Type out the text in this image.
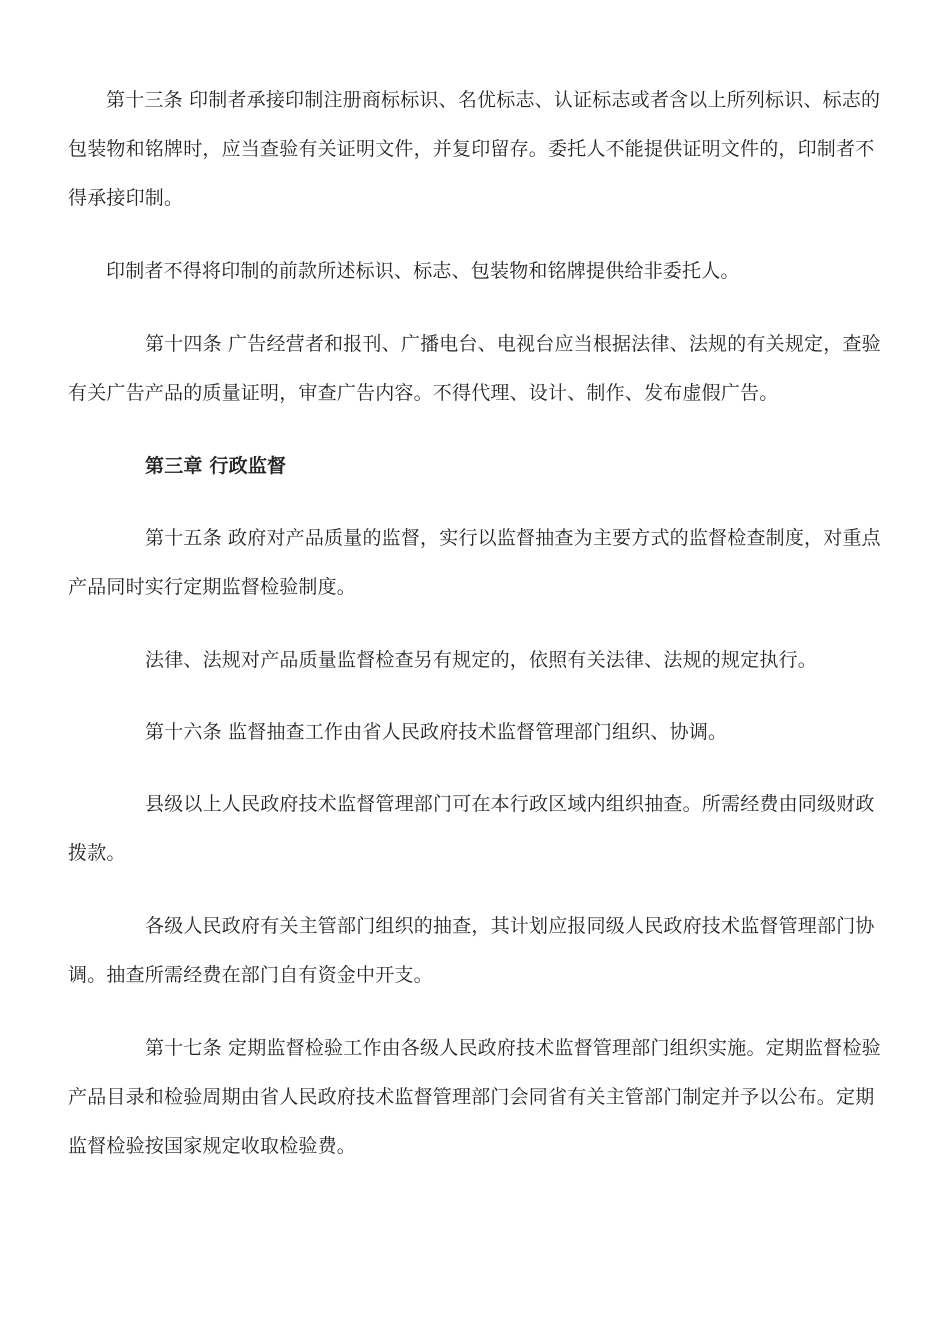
第十三条 印制者承接印制注册商标标识、名优标志、认证标志或者含以上所列标识、标志的包装物和铭牌时，应当查验有关证明文件，并复印留存。委托人不能提供证明文件的，印制者不得承接印制。

印制者不得将印制的前款所述标识、标志、包装物和铭牌提供给非委托人。

第十四条 广告经营者和报刊、广播电台、电视台应当根据法律、法规的有关规定，查验有关广告产品的质量证明，审查广告内容。不得代理、设计、制作、发布虚假广告。

第三章 行政监督

第十五条 政府对产品质量的监督，实行以监督抽查为主要方式的监督检查制度，对重点产品同时实行定期监督检验制度。

法律、法规对产品质量监督检查另有规定的，依照有关法律、法规的规定执行。

第十六条 监督抽查工作由省人民政府技术监督管理部门组织、协调。

县级以上人民政府技术监督管理部门可在本行政区域内组织抽查。所需经费由同级财政拨款。

各级人民政府有关主管部门组织的抽查，其计划应报同级人民政府技术监督管理部门协调。抽查所需经费在部门自有资金中开支。

第十七条 定期监督检验工作由各级人民政府技术监督管理部门组织实施。定期监督检验产品目录和检验周期由省人民政府技术监督管理部门会同省有关主管部门制定并予以公布。定期监督检验按国家规定收取检验费。
